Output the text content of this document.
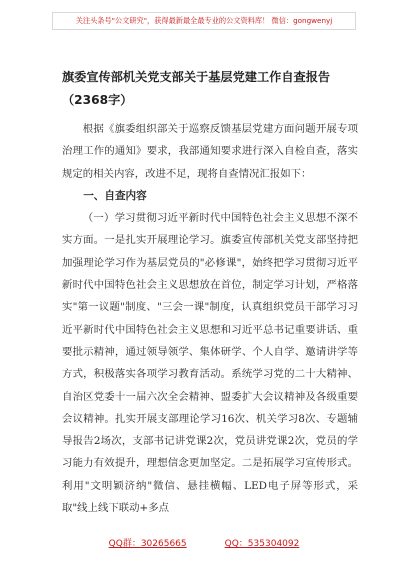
关注头条号"公文研究"，获得最新最全最专业的公文资料库！ 微信：gongwenyj
旗委宣传部机关党支部关于基层党建工作自查报告（2368字）

根据《旗委组织部关于巡察反馈基层党建方面问题开展专项治理工作的通知》要求，我部通知要求进行深入自检自查，落实规定的相关内容，改进不足，现将自查情况汇报如下：

一、自查内容

（一）学习贯彻习近平新时代中国特色社会主义思想不深不实方面。一是扎实开展理论学习。旗委宣传部机关党支部坚持把加强理论学习作为基层党员的"必修课"，始终把学习贯彻习近平新时代中国特色社会主义思想放在首位，制定学习计划，严格落实"第一议题"制度、"三会一课"制度，认真组织党员干部学习习近平新时代中国特色社会主义思想和习近平总书记重要讲话、重要批示精神，通过领导领学、集体研学、个人自学、邀请讲学等方式，积极落实各项学习教育活动。系统学习党的二十大精神、自治区党委十一届六次全会精神、盟委扩大会议精神及各级重要会议精神。扎实开展支部理论学习16次、机关学习8次、专题辅导报告2场次，支部书记讲党课2次，党员讲党课2次，党员的学习能力有效提升，理想信念更加坚定。二是拓展学习宣传形式。利用"文明颖济纳"微信、悬挂横幅、LED电子屏等形式，采取"线上线下联动+多点

QQ群：30265665	QQ：535304092
